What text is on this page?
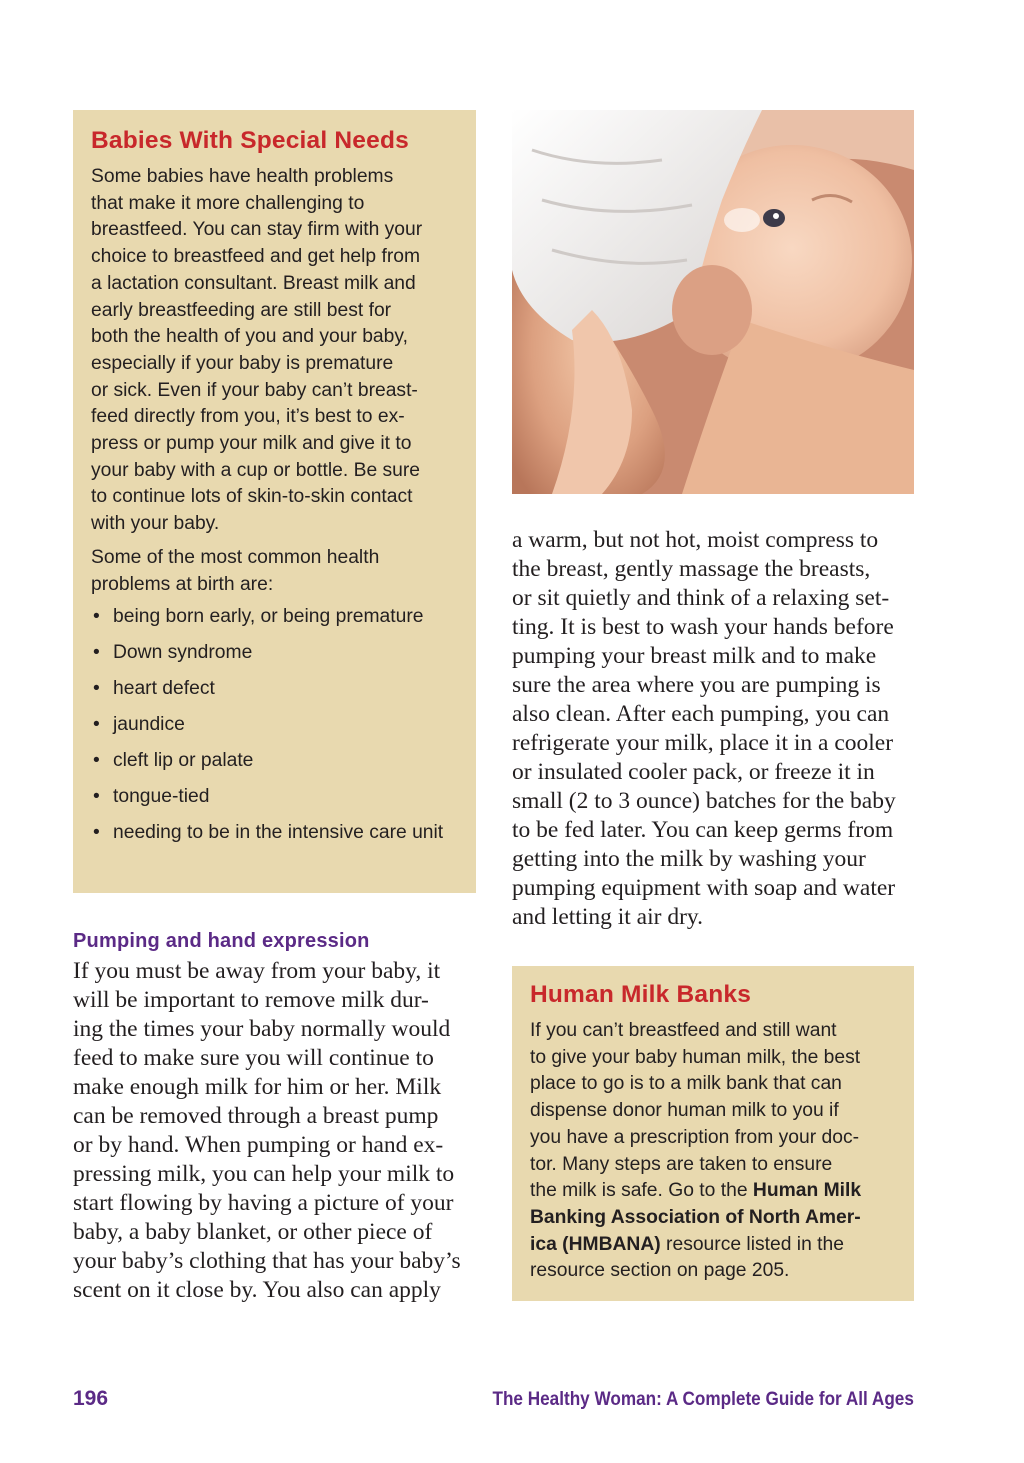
Babies With Special Needs

Some babies have health problems
that make it more challenging to
breastfeed. You can stay firm with your
choice to breastfeed and get help from
a lactation consultant. Breast milk and
early breastfeeding are still best for
both the health of you and your baby,
especially if your baby is premature
or sick. Even if your baby can’t breast-
feed directly from you, it’s best to ex-
press or pump your milk and give it to
your baby with a cup or bottle. Be sure
to continue lots of skin-to-skin contact
with your baby.

Some of the most common health
problems at birth are:

• being born early, or being premature
• Down syndrome
• heart defect
• jaundice
• cleft lip or palate
• tongue-tied
• needing to be in the intensive care unit
Pumping and hand expression
If you must be away from your baby, it
will be important to remove milk dur-
ing the times your baby normally would
feed to make sure you will continue to
make enough milk for him or her. Milk
can be removed through a breast pump
or by hand. When pumping or hand ex-
pressing milk, you can help your milk to
start flowing by having a picture of your
baby, a baby blanket, or other piece of
your baby’s clothing that has your baby’s
scent on it close by. You also can apply
a warm, but not hot, moist compress to
the breast, gently massage the breasts,
or sit quietly and think of a relaxing set-
ting. It is best to wash your hands before
pumping your breast milk and to make
sure the area where you are pumping is
also clean. After each pumping, you can
refrigerate your milk, place it in a cooler
or insulated cooler pack, or freeze it in
small (2 to 3 ounce) batches for the baby
to be fed later. You can keep germs from
getting into the milk by washing your
pumping equipment with soap and water
and letting it air dry.
Human Milk Banks

If you can’t breastfeed and still want
to give your baby human milk, the best
place to go is to a milk bank that can
dispense donor human milk to you if
you have a prescription from your doc-
tor. Many steps are taken to ensure
the milk is safe. Go to the Human Milk
Banking Association of North Amer-
ica (HMBANA) resource listed in the
resource section on page 205.

196	The Healthy Woman: A Complete Guide for All Ages
